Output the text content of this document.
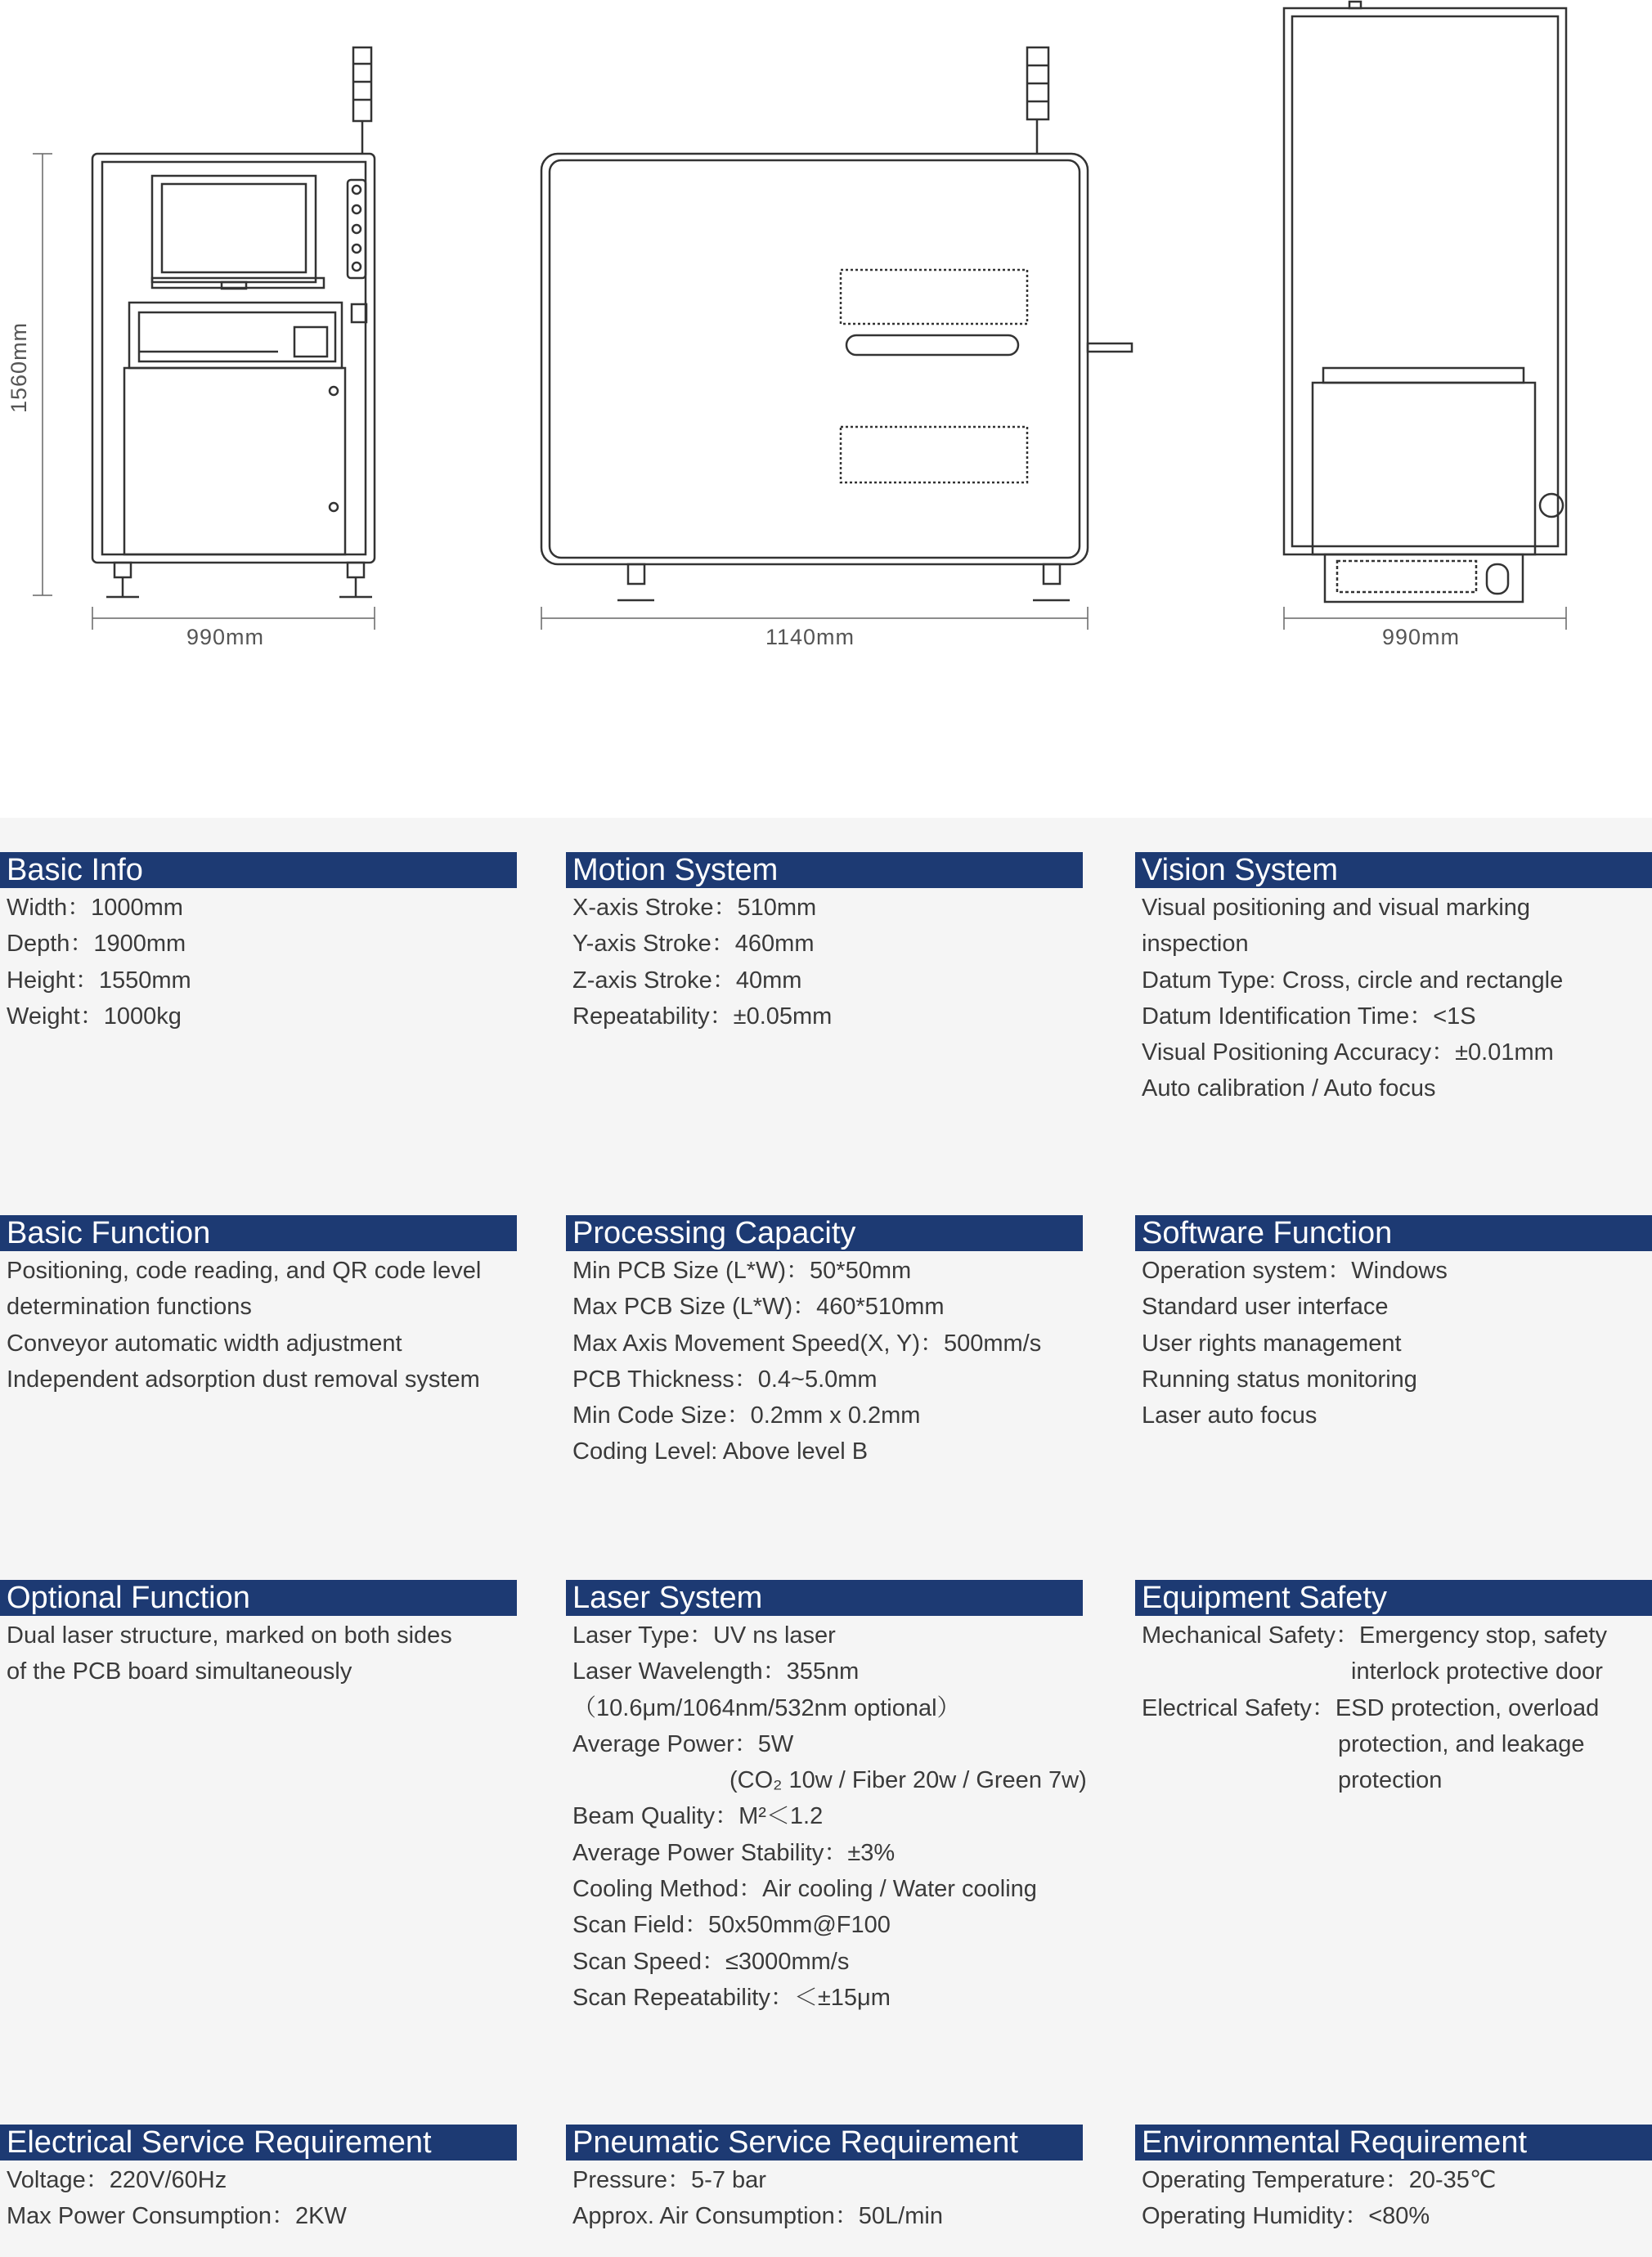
1560mm
990mm	1140mm	990mm
Basic Info
Width：1000mm
Depth：1900mm
Height：1550mm
Weight：1000kg
Motion System
X-axis Stroke：510mm
Y-axis Stroke：460mm
Z-axis Stroke：40mm
Repeatability：±0.05mm
Vision System
Visual positioning and visual marking
inspection
Datum Type: Cross, circle and rectangle
Datum Identification Time：<1S
Visual Positioning Accuracy：±0.01mm
Auto calibration / Auto focus
Basic Function
Positioning, code reading, and QR code level
determination functions
Conveyor automatic width adjustment
Independent adsorption dust removal system
Processing Capacity
Min PCB Size (L*W)：50*50mm
Max PCB Size (L*W)：460*510mm
Max Axis Movement Speed(X, Y)：500mm/s
PCB Thickness：0.4~5.0mm
Min Code Size：0.2mm x 0.2mm
Coding Level: Above level B
Software Function
Operation system：Windows
Standard user interface
User rights management
Running status monitoring
Laser auto focus
Optional Function
Dual laser structure, marked on both sides
of the PCB board simultaneously
Laser System
Laser Type：UV ns laser
Laser Wavelength：355nm
（10.6μm/1064nm/532nm optional）
Average Power：5W
(CO₂ 10w / Fiber 20w / Green 7w)
Beam Quality：M²＜1.2
Average Power Stability：±3%
Cooling Method：Air cooling / Water cooling
Scan Field：50x50mm@F100
Scan Speed：≤3000mm/s
Scan Repeatability：＜±15μm
Equipment Safety
Mechanical Safety：Emergency stop, safety
interlock protective door
Electrical Safety：ESD protection, overload
protection, and leakage
protection
Electrical Service Requirement
Voltage：220V/60Hz
Max Power Consumption：2KW
Pneumatic Service Requirement
Pressure：5-7 bar
Approx. Air Consumption：50L/min
Environmental Requirement
Operating Temperature：20-35℃
Operating Humidity：<80%
